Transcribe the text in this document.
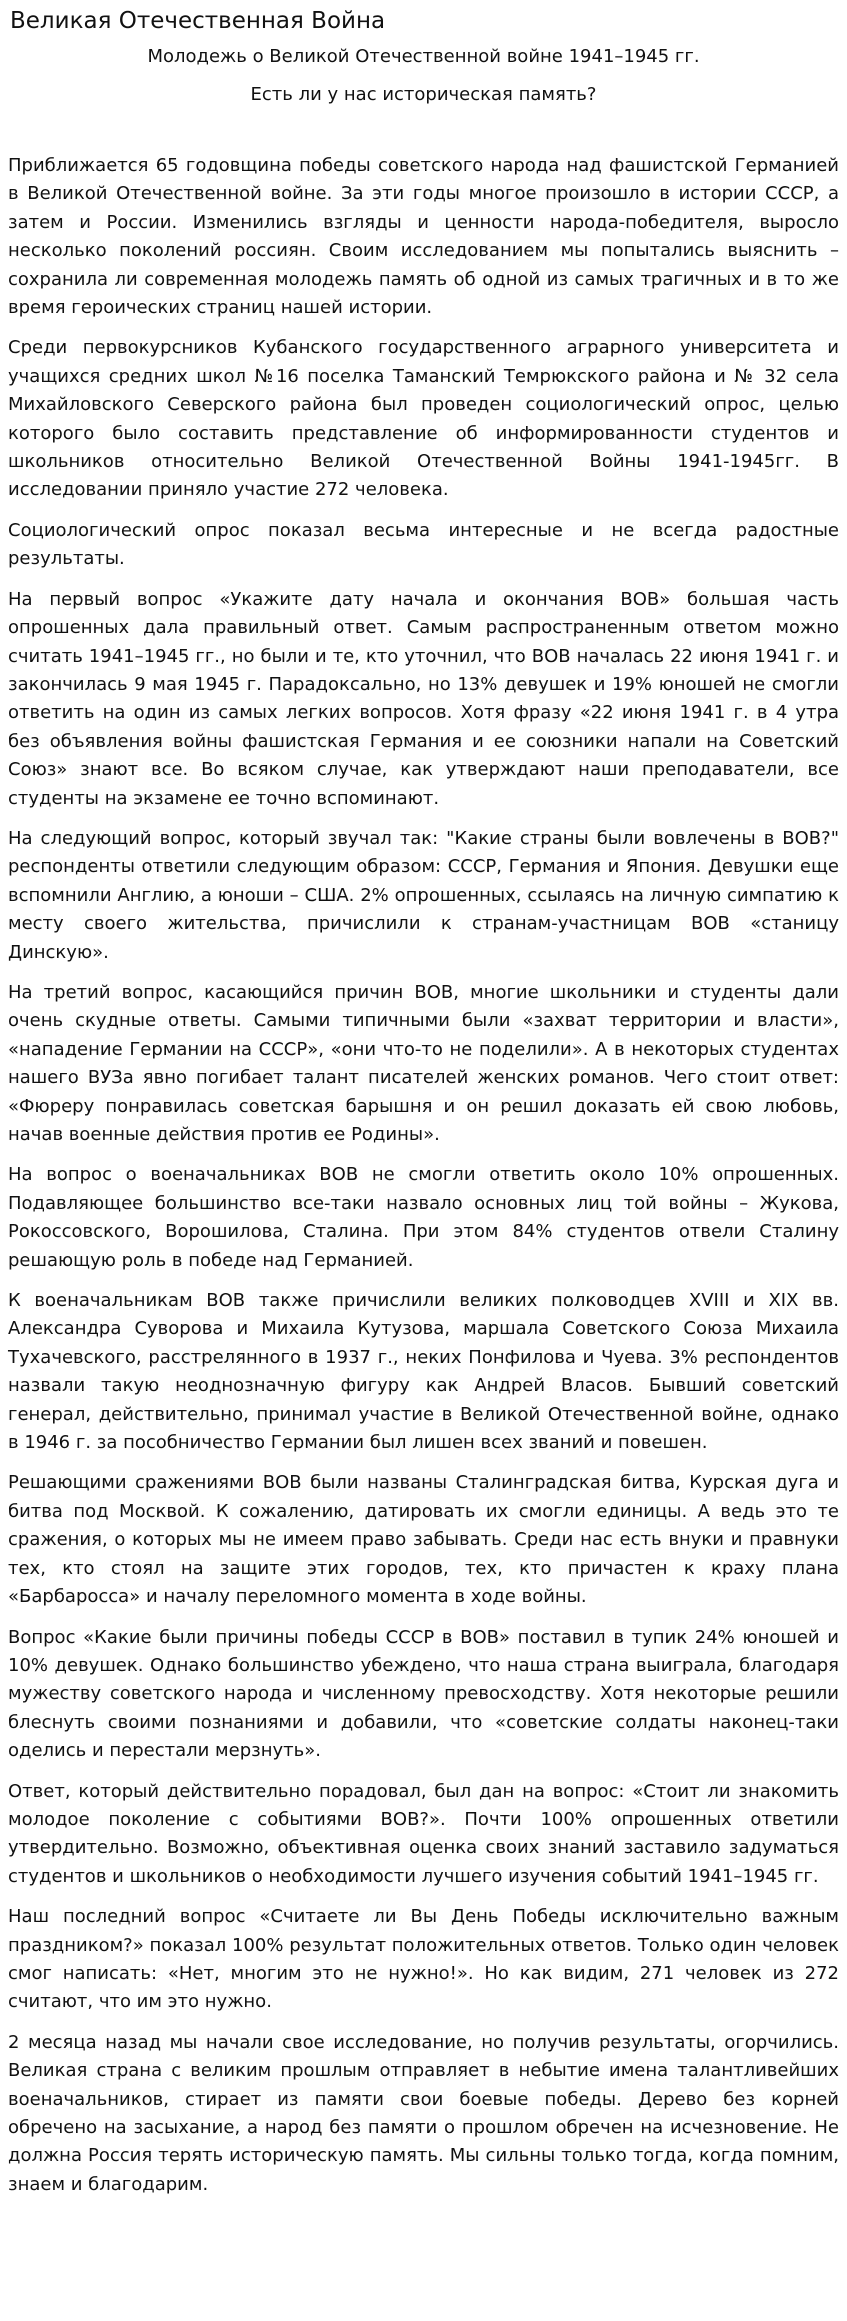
Великая Отечественная Война
Молодежь о Великой Отечественной войне 1941–1945 гг.
Есть ли у нас историческая память?

Приближается 65 годовщина победы советского народа над фашистской Германией в Великой Отечественной войне. За эти годы многое произошло в истории СССР, а затем и России. Изменились взгляды и ценности народа-победителя, выросло несколько поколений россиян. Своим исследованием мы попытались выяснить – сохранила ли современная молодежь память об одной из самых трагичных и в то же время героических страниц нашей истории.

Среди первокурсников Кубанского государственного аграрного университета и учащихся средних школ №16 поселка Таманский Темрюкского района и № 32 села Михайловского Северского района был проведен социологический опрос, целью которого было составить представление об информированности студентов и школьников относительно Великой Отечественной Войны 1941-1945гг. В исследовании приняло участие 272 человека.

Социологический опрос показал весьма интересные и не всегда радостные результаты.

На первый вопрос «Укажите дату начала и окончания ВОВ» большая часть опрошенных дала правильный ответ. Самым распространенным ответом можно считать 1941–1945 гг., но были и те, кто уточнил, что ВОВ началась 22 июня 1941 г. и закончилась 9 мая 1945 г. Парадоксально, но 13% девушек и 19% юношей не смогли ответить на один из самых легких вопросов. Хотя фразу «22 июня 1941 г. в 4 утра без объявления войны фашистская Германия и ее союзники напали на Советский Союз» знают все. Во всяком случае, как утверждают наши преподаватели, все студенты на экзамене ее точно вспоминают.

На следующий вопрос, который звучал так: "Какие страны были вовлечены в ВОВ?" респонденты ответили следующим образом: СССР, Германия и Япония. Девушки еще вспомнили Англию, а юноши – США. 2% опрошенных, ссылаясь на личную симпатию к месту своего жительства, причислили к странам-участницам ВОВ «станицу Динскую».

На третий вопрос, касающийся причин ВОВ, многие школьники и студенты дали очень скудные ответы. Самыми типичными были «захват территории и власти», «нападение Германии на СССР», «они что-то не поделили». А в некоторых студентах нашего ВУЗа явно погибает талант писателей женских романов. Чего стоит ответ: «Фюреру понравилась советская барышня и он решил доказать ей свою любовь, начав военные действия против ее Родины».

На вопрос о военачальниках ВОВ не смогли ответить около 10% опрошенных. Подавляющее большинство все-таки назвало основных лиц той войны – Жукова, Рокоссовского, Ворошилова, Сталина. При этом 84% студентов отвели Сталину решающую роль в победе над Германией.

К военачальникам ВОВ также причислили великих полководцев XVIII и XIX вв. Александра Суворова и Михаила Кутузова, маршала Советского Союза Михаила Тухачевского, расстрелянного в 1937 г., неких Понфилова и Чуева. 3% респондентов назвали такую неоднозначную фигуру как Андрей Власов. Бывший советский генерал, действительно, принимал участие в Великой Отечественной войне, однако в 1946 г. за пособничество Германии был лишен всех званий и повешен.

Решающими сражениями ВОВ были названы Сталинградская битва, Курская дуга и битва под Москвой. К сожалению, датировать их смогли единицы. А ведь это те сражения, о которых мы не имеем право забывать. Среди нас есть внуки и правнуки тех, кто стоял на защите этих городов, тех, кто причастен к краху плана «Барбаросса» и началу переломного момента в ходе войны.

Вопрос «Какие были причины победы СССР в ВОВ» поставил в тупик 24% юношей и 10% девушек. Однако большинство убеждено, что наша страна выиграла, благодаря мужеству советского народа и численному превосходству. Хотя некоторые решили блеснуть своими познаниями и добавили, что «советские солдаты наконец-таки оделись и перестали мерзнуть».

Ответ, который действительно порадовал, был дан на вопрос: «Стоит ли знакомить молодое поколение с событиями ВОВ?». Почти 100% опрошенных ответили утвердительно. Возможно, объективная оценка своих знаний заставило задуматься студентов и школьников о необходимости лучшего изучения событий 1941–1945 гг.

Наш последний вопрос «Считаете ли Вы День Победы исключительно важным праздником?» показал 100% результат положительных ответов. Только один человек смог написать: «Нет, многим это не нужно!». Но как видим, 271 человек из 272 считают, что им это нужно.

2 месяца назад мы начали свое исследование, но получив результаты, огорчились. Великая страна с великим прошлым отправляет в небытие имена талантливейших военачальников, стирает из памяти свои боевые победы. Дерево без корней обречено на засыхание, а народ без памяти о прошлом обречен на исчезновение. Не должна Россия терять историческую память. Мы сильны только тогда, когда помним, знаем и благодарим.
